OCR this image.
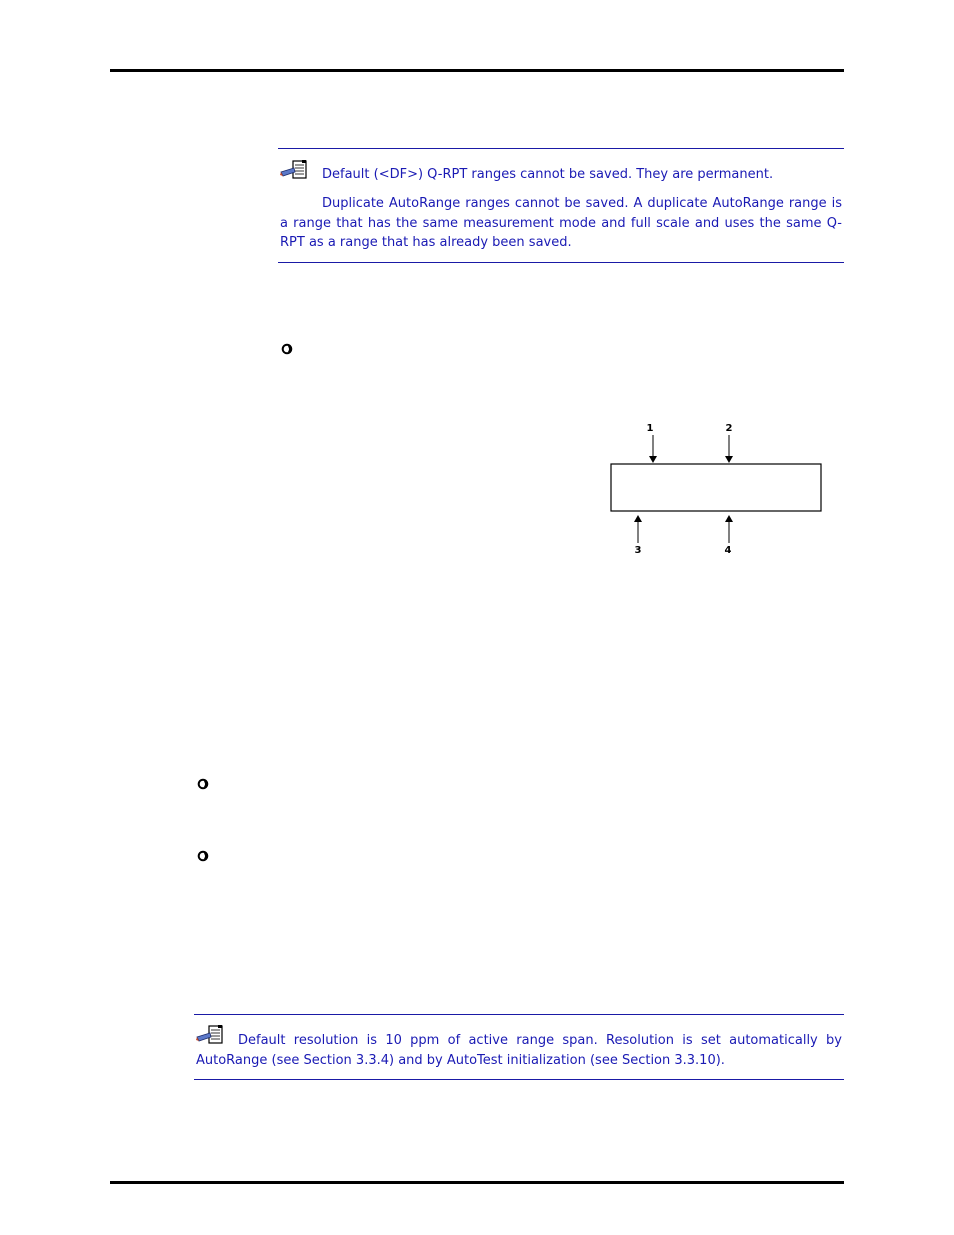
Default (<DF>) Q-RPT ranges cannot be saved. They are permanent.

Duplicate AutoRange ranges cannot be saved. A duplicate AutoRange range is a range that has the same measurement mode and full scale and uses the same Q-RPT as a range that has already been saved.

1	2
3	4

Default resolution is 10 ppm of active range span. Resolution is set automatically by AutoRange (see Section 3.3.4) and by AutoTest initialization (see Section 3.3.10).
